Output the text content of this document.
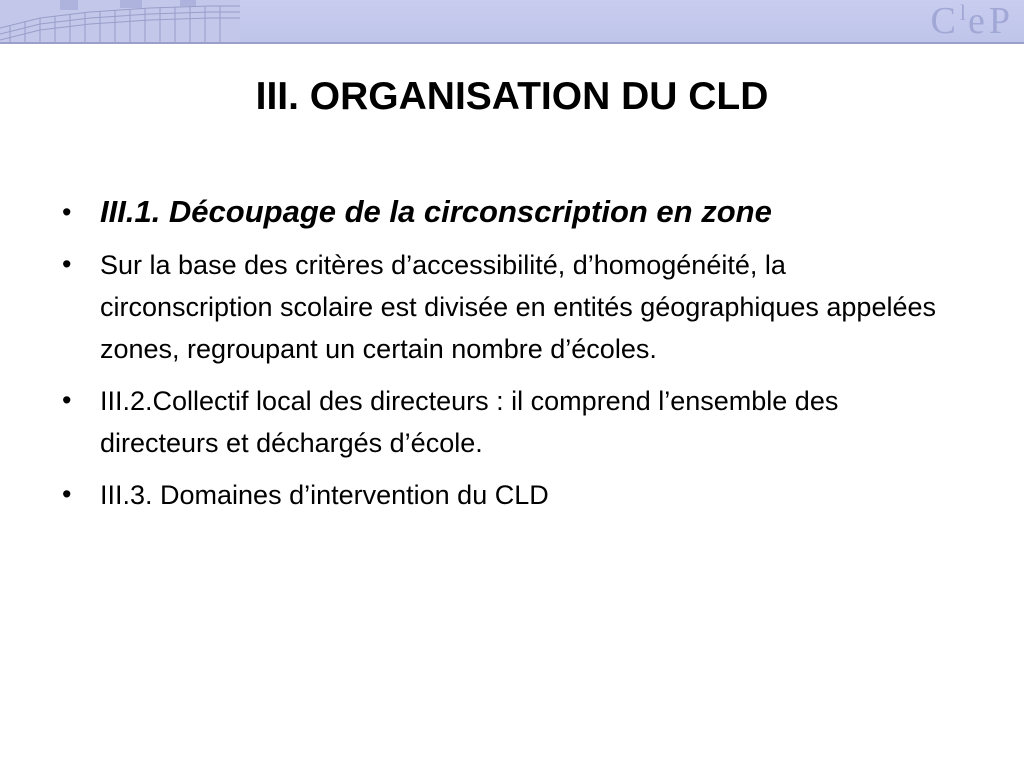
$C^l$ eP
III. ORGANISATION DU CLD
• III.1. Découpage de la circonscription en zone
• Sur la base des critères d’accessibilité, d’homogénéité, la circonscription scolaire est divisée en entités géographiques appelées zones, regroupant un certain nombre d’écoles.
• III.2.Collectif local des directeurs : il comprend l’ensemble des directeurs et déchargés d’école.
• III.3. Domaines d’intervention du CLD
